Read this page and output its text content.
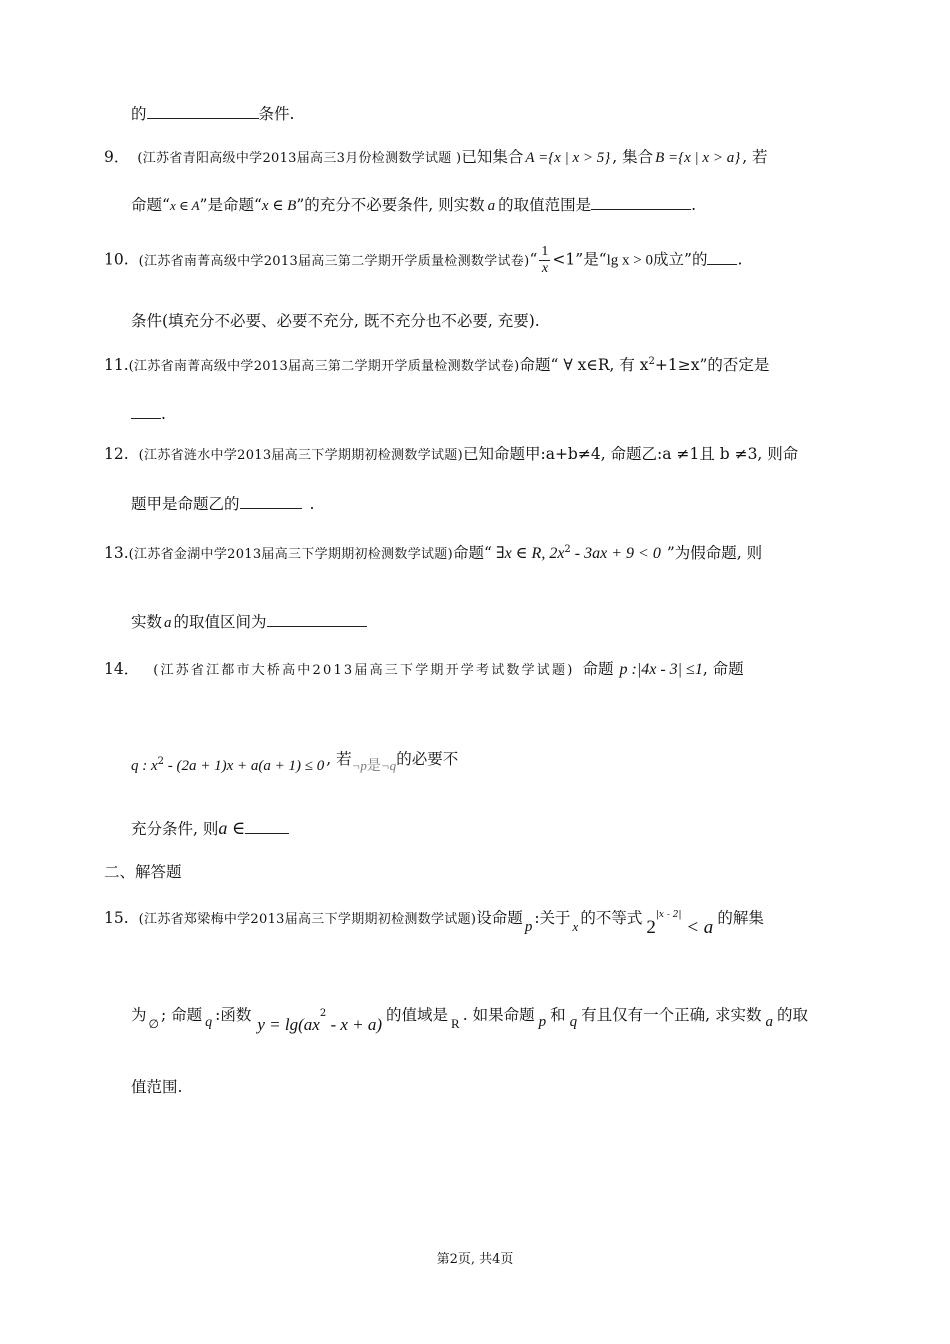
的	条件.
9． (江苏省青阳高级中学2013届高三3月份检测数学试题 )已知集合 A ={x | x > 5} , 集合 B ={x | x > a} , 若
命题“x ∈ A”是命题“x ∈ B”的充分不必要条件, 则实数 a 的取值范围是	.
10. (江苏省南菁高级中学2013届高三第二学期开学质量检测数学试卷)“ $\frac{1}{x} <1$”是“lg x > 0成立”的 .
条件(填充分不必要、必要不充分, 既不充分也不必要, 充要).
11.(江苏省南菁高级中学2013届高三第二学期开学质量检测数学试卷)命题“ ∀ x∈R, 有 $x^2+1\ge x$”的否定是
.
12. (江苏省涟水中学2013届高三下学期期初检测数学试题)已知命题甲:a+b≠4, 命题乙:a ≠1且 b ≠3, 则命
题甲是命题乙的	.
13.(江苏省金湖中学2013届高三下学期期初检测数学试题)命题“ ∃x ∈ R, $2x^2 - 3ax + 9 < 0$ ”为假命题, 则
实数 a 的取值区间为
14． (江苏省江都市大桥高中2013届高三下学期开学考试数学试题) 命题 p :|4x - 3| ≤1, 命题
q : $x^2 - (2a + 1)x + a(a + 1) \le 0$ , 若¬p是¬q的必要不
充分条件, 则a ∈
二、解答题
15. (江苏省郑梁梅中学2013届高三下学期期初检测数学试题)设命题 p :关于 $_x$ 的不等式 $2^{|x - 2|} < a$ 的解集
为 $_\emptyset$ ; 命题 q :函数 $y = \lg(ax^2 - x + a)$ 的值域是 $_R$ . 如果命题 p 和 q 有且仅有一个正确, 求实数 a 的取
值范围.
第2页, 共4页
